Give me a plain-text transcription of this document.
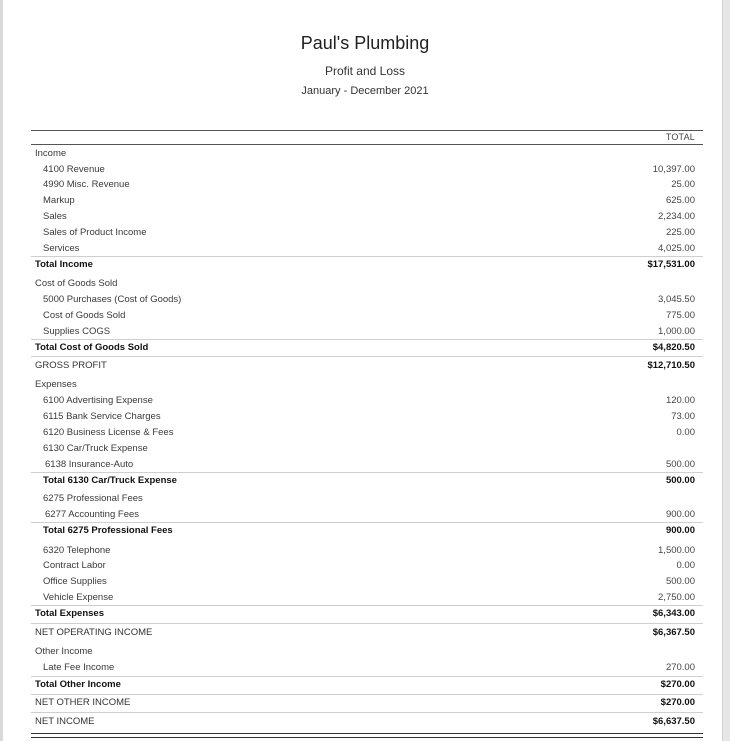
Paul's Plumbing
Profit and Loss
January - December 2021
TOTAL
Income
4100 Revenue	10,397.00
4990 Misc. Revenue	25.00
Markup	625.00
Sales	2,234.00
Sales of Product Income	225.00
Services	4,025.00
Total Income	$17,531.00
Cost of Goods Sold
5000 Purchases (Cost of Goods)	3,045.50
Cost of Goods Sold	775.00
Supplies COGS	1,000.00
Total Cost of Goods Sold	$4,820.50
GROSS PROFIT	$12,710.50
Expenses
6100 Advertising Expense	120.00
6115 Bank Service Charges	73.00
6120 Business License & Fees	0.00
6130 Car/Truck Expense
6138 Insurance-Auto	500.00
Total 6130 Car/Truck Expense	500.00
6275 Professional Fees
6277 Accounting Fees	900.00
Total 6275 Professional Fees	900.00
6320 Telephone	1,500.00
Contract Labor	0.00
Office Supplies	500.00
Vehicle Expense	2,750.00
Total Expenses	$6,343.00
NET OPERATING INCOME	$6,367.50
Other Income
Late Fee Income	270.00
Total Other Income	$270.00
NET OTHER INCOME	$270.00
NET INCOME	$6,637.50
